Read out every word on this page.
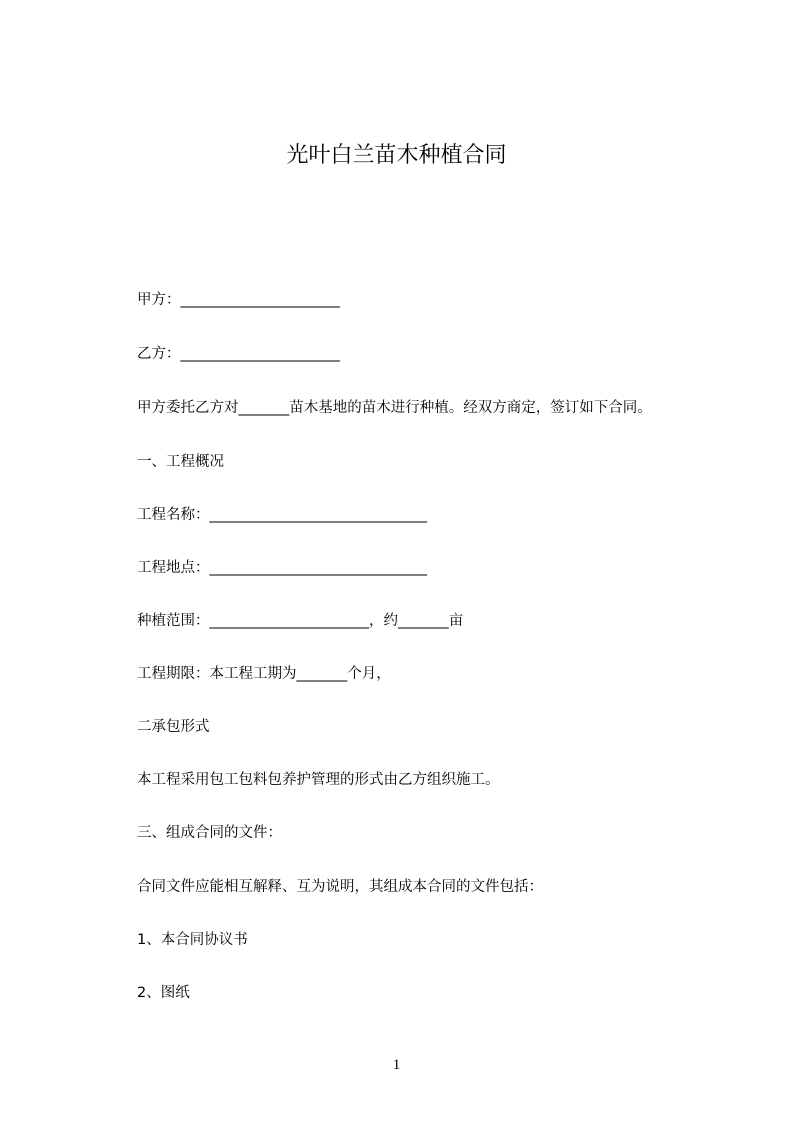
光叶白兰苗木种植合同
甲方：______________________
乙方：______________________
甲方委托乙方对_______苗木基地的苗木进行种植。经双方商定，签订如下合同。
一、工程概况
工程名称：______________________________
工程地点：______________________________
种植范围：______________________，约_______亩
工程期限：本工程工期为_______个月，
二承包形式
本工程采用包工包料包养护管理的形式由乙方组织施工。
三、组成合同的文件：
合同文件应能相互解释、互为说明，其组成本合同的文件包括：
1、本合同协议书
2、图纸
1
